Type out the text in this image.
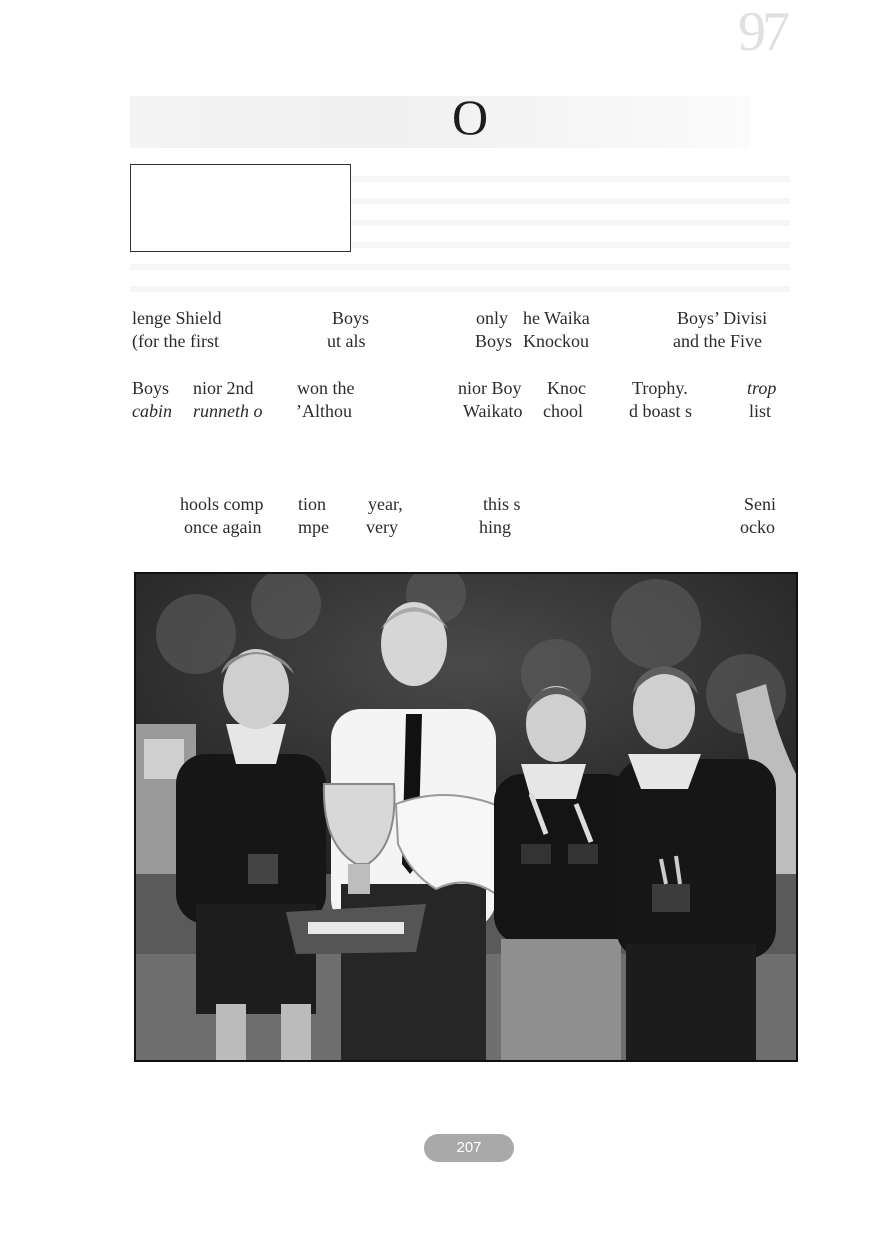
97
O
lenge Shield	Boys	only he Waika	Boys’ Divisi
(for the first	ut als	Boys Knockou	and the Five
Boys nior 2nd won the	nior Boy Knoc	Trophy.	trop
cabin runneth o ’Althou	Waikato chool	d boast s	list
hools comp tion year,	this s	Seni
once again mpe very	hing	ocko
207
